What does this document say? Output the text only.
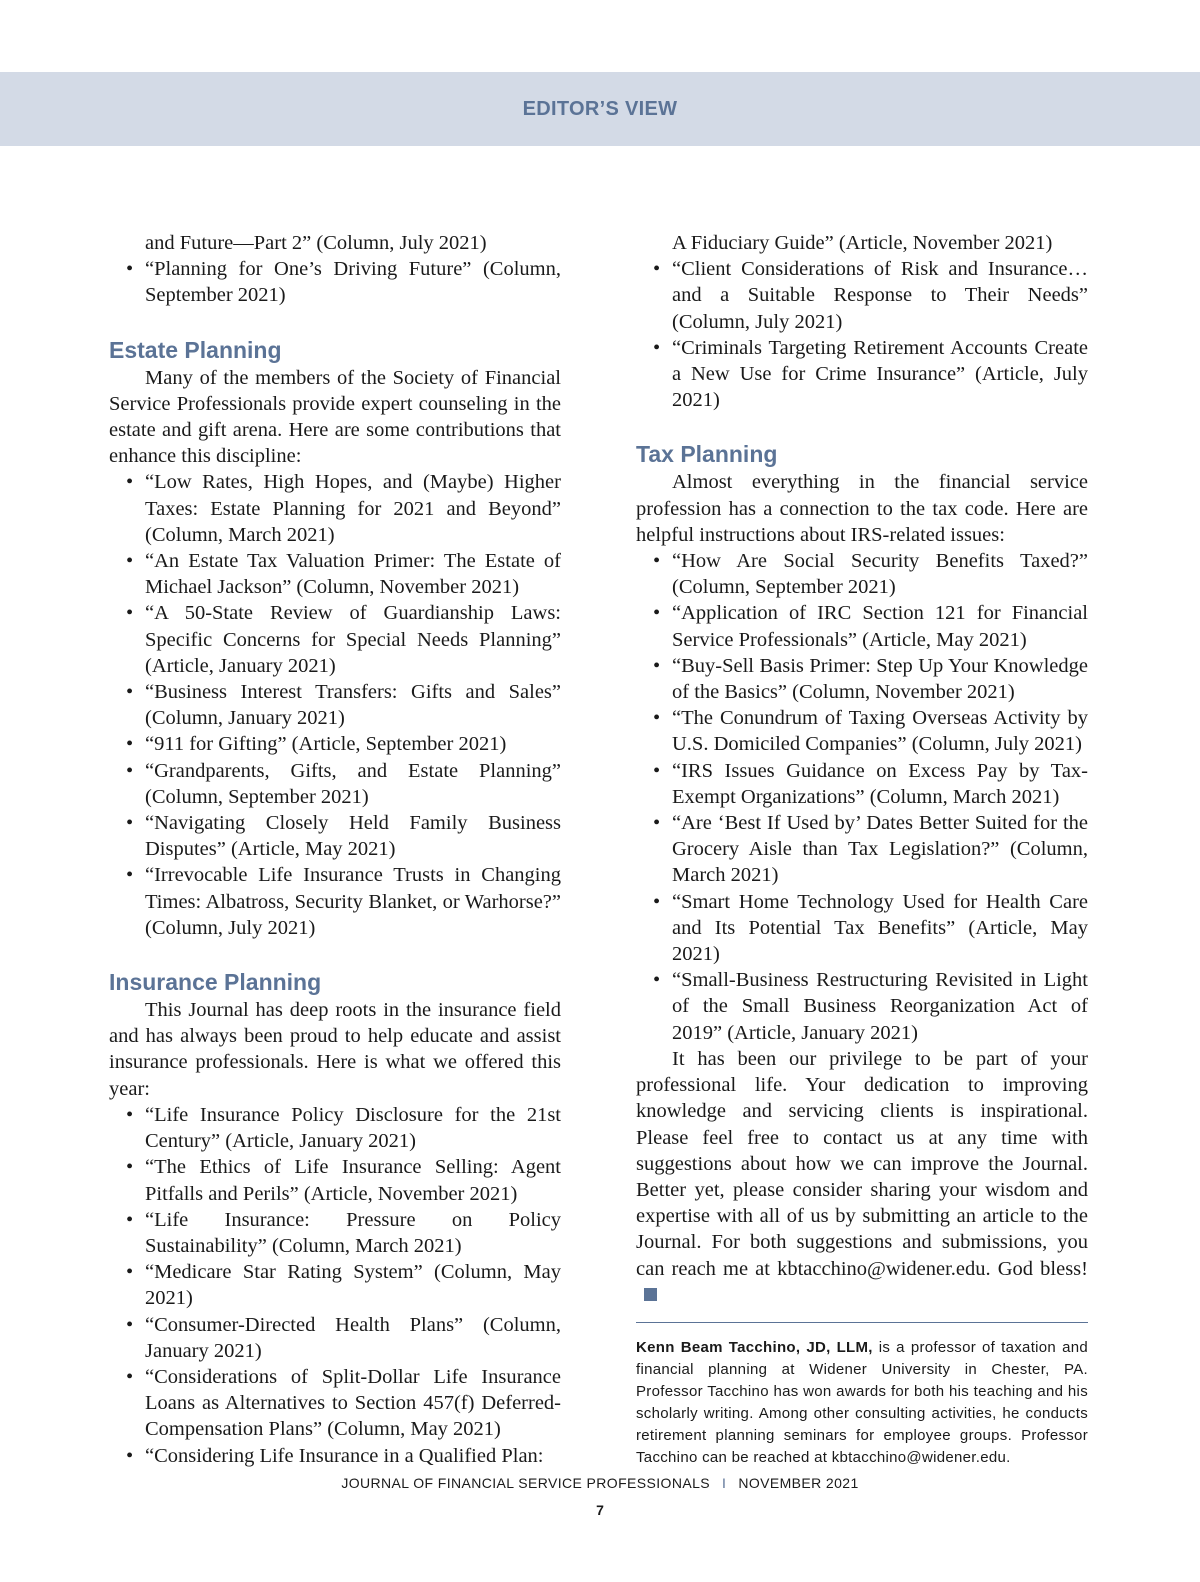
EDITOR’S VIEW

and Future—Part 2” (Column, July 2021)

• “Planning for One’s Driving Future” (Column, September 2021)
Estate Planning

Many of the members of the Society of Financial Service Professionals provide expert counseling in the estate and gift arena. Here are some contributions that enhance this discipline:

• “Low Rates, High Hopes, and (Maybe) Higher Taxes: Estate Planning for 2021 and Beyond” (Column, March 2021)
• “An Estate Tax Valuation Primer: The Estate of Michael Jackson” (Column, November 2021)
• “A 50-State Review of Guardianship Laws: Specific Concerns for Special Needs Planning” (Article, January 2021)
• “Business Interest Transfers: Gifts and Sales” (Column, January 2021)
• “911 for Gifting” (Article, September 2021)
• “Grandparents, Gifts, and Estate Planning” (Column, September 2021)
• “Navigating Closely Held Family Business Disputes” (Article, May 2021)
• “Irrevocable Life Insurance Trusts in Changing Times: Albatross, Security Blanket, or Warhorse?” (Column, July 2021)
Insurance Planning

This Journal has deep roots in the insurance field and has always been proud to help educate and assist insurance professionals. Here is what we offered this year:

• “Life Insurance Policy Disclosure for the 21st Century” (Article, January 2021)
• “The Ethics of Life Insurance Selling: Agent Pitfalls and Perils” (Article, November 2021)
• “Life Insurance: Pressure on Policy Sustainability” (Column, March 2021)
• “Medicare Star Rating System” (Column, May 2021)
• “Consumer-Directed Health Plans” (Column, January 2021)
• “Considerations of Split-Dollar Life Insurance Loans as Alternatives to Section 457(f) Deferred-Compensation Plans” (Column, May 2021)
• “Considering Life Insurance in a Qualified Plan:

A Fiduciary Guide” (Article, November 2021)

• “Client Considerations of Risk and Insurance… and a Suitable Response to Their Needs” (Column, July 2021)
• “Criminals Targeting Retirement Accounts Create a New Use for Crime Insurance” (Article, July 2021)
Tax Planning

Almost everything in the financial service profession has a connection to the tax code. Here are helpful instructions about IRS-related issues:

• “How Are Social Security Benefits Taxed?” (Column, September 2021)
• “Application of IRC Section 121 for Financial Service Professionals” (Article, May 2021)
• “Buy-Sell Basis Primer: Step Up Your Knowledge of the Basics” (Column, November 2021)
• “The Conundrum of Taxing Overseas Activity by U.S. Domiciled Companies” (Column, July 2021)
• “IRS Issues Guidance on Excess Pay by Tax-Exempt Organizations” (Column, March 2021)
• “Are ‘Best If Used by’ Dates Better Suited for the Grocery Aisle than Tax Legislation?” (Column, March 2021)
• “Smart Home Technology Used for Health Care and Its Potential Tax Benefits” (Article, May 2021)
• “Small-Business Restructuring Revisited in Light of the Small Business Reorganization Act of 2019” (Article, January 2021)

It has been our privilege to be part of your professional life. Your dedication to improving knowledge and servicing clients is inspirational. Please feel free to contact us at any time with suggestions about how we can improve the Journal. Better yet, please consider sharing your wisdom and expertise with all of us by submitting an article to the Journal. For both suggestions and submissions, you can reach me at kbtacchino@widener.edu. God bless!

Kenn Beam Tacchino, JD, LLM, is a professor of taxation and financial planning at Widener University in Chester, PA. Professor Tacchino has won awards for both his teaching and his scholarly writing. Among other consulting activities, he conducts retirement planning seminars for employee groups. Professor Tacchino can be reached at kbtacchino@widener.edu.

JOURNAL OF FINANCIAL SERVICE PROFESSIONALS I NOVEMBER 2021
7
